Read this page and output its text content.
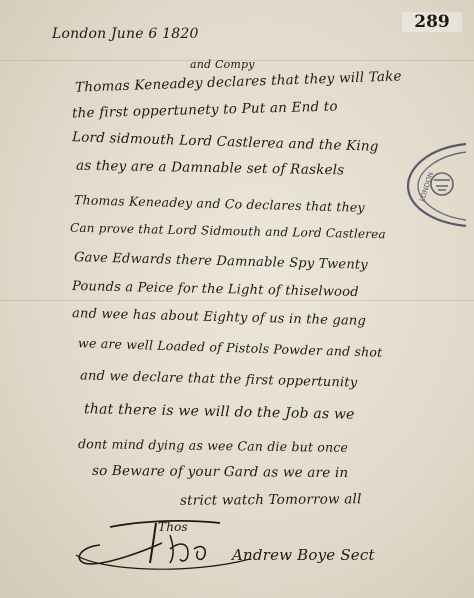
289
London June 6 1820
and Compy
Thomas Keneadey declares that they will Take
the first oppertunety to Put an End to
Lord sidmouth Lord Castlerea and the King
as they are a Damnable set of Raskels
Thomas Keneadey and Co declares that they
Can prove that Lord Sidmouth and Lord Castlerea
Gave Edwards there Damnable Spy Twenty
Pounds a Peice for the Light of thiselwood
and wee has about Eighty of us in the gang
we are well Loaded of Pistols Powder and shot
and we declare that the first oppertunity
that there is we will do the Job as we
dont mind dying as wee Can die but once
so Beware of your Gard as we are in
strict watch Tomorrow all
Thos
Andrew Boye Sect
LONDON
